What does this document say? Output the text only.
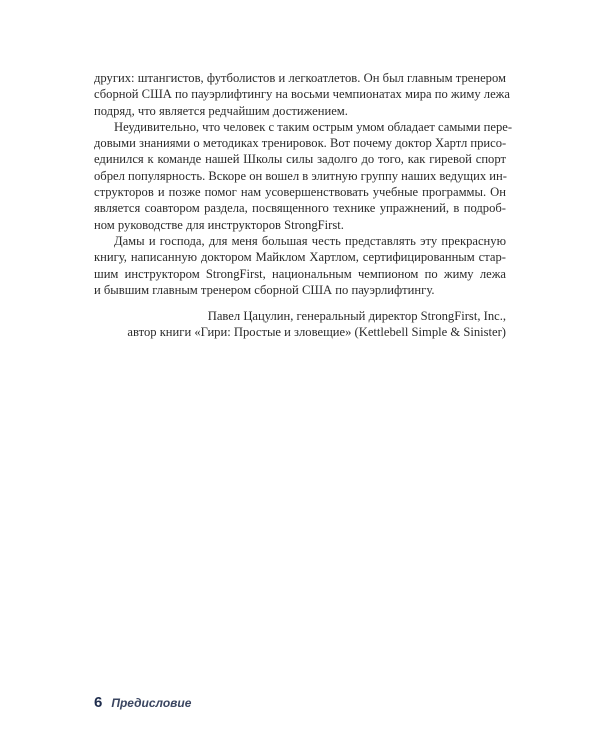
других: штангистов, футболистов и легкоатлетов. Он был главным тренером
сборной США по пауэрлифтингу на восьми чемпионатах мира по жиму лежа
подряд, что является редчайшим достижением.
Неудивительно, что человек с таким острым умом обладает самыми пере-
довыми знаниями о методиках тренировок. Вот почему доктор Хартл присо-
единился к команде нашей Школы силы задолго до того, как гиревой спорт
обрел популярность. Вскоре он вошел в элитную группу наших ведущих ин-
структоров и позже помог нам усовершенствовать учебные программы. Он
является соавтором раздела, посвященного технике упражнений, в подроб-
ном руководстве для инструкторов StrongFirst.
Дамы и господа, для меня большая честь представлять эту прекрасную
книгу, написанную доктором Майклом Хартлом, сертифицированным стар-
шим инструктором StrongFirst, национальным чемпионом по жиму лежа
и бывшим главным тренером сборной США по пауэрлифтингу.
Павел Цацулин, генеральный директор StrongFirst, Inc.,
автор книги «Гири: Простые и зловещие» (Kettlebell Simple & Sinister)
6 Предисловие
